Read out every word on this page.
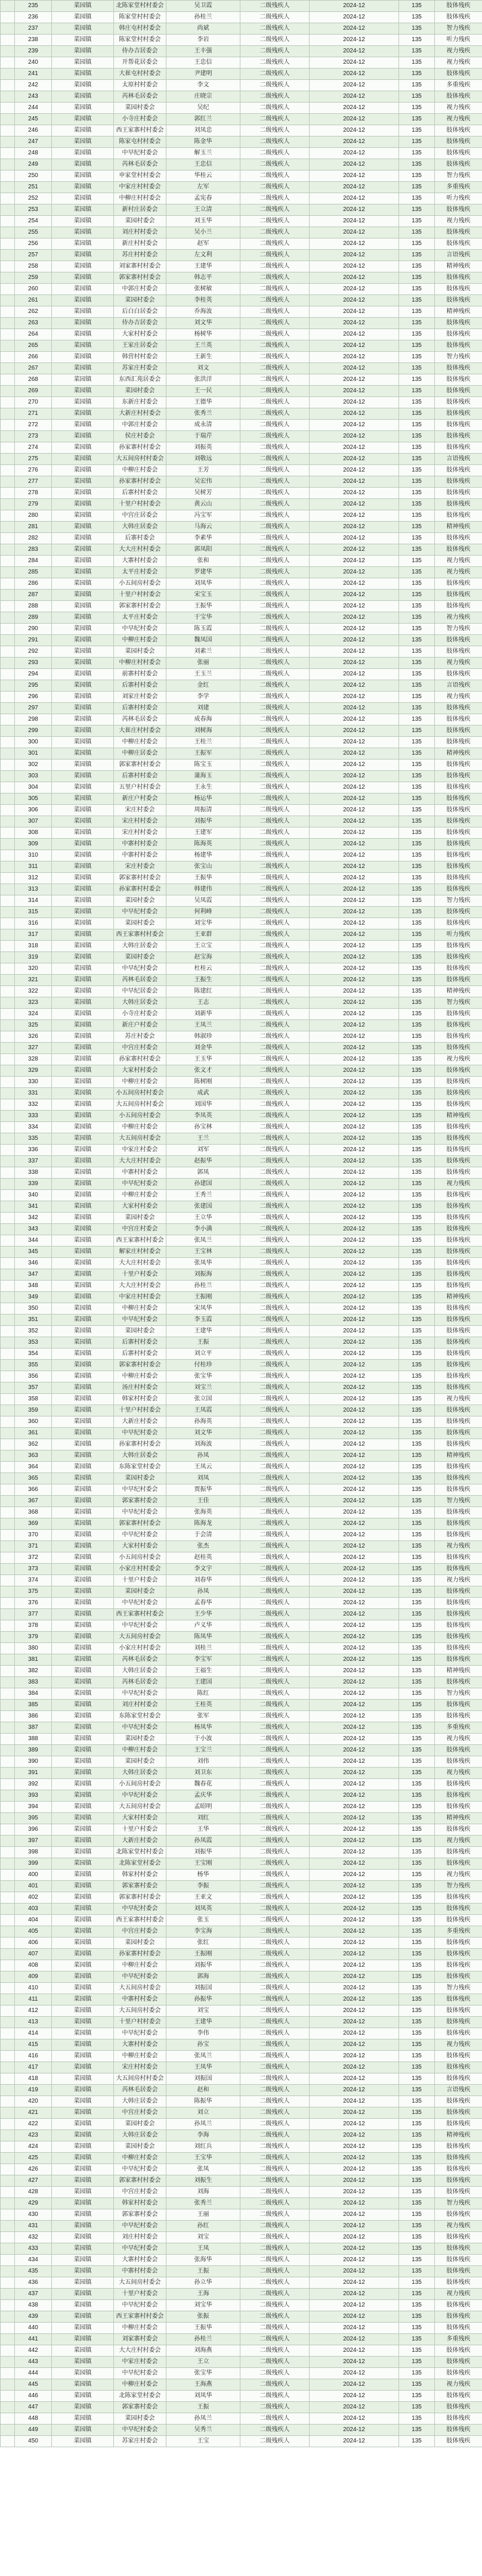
	235	菜园镇	北陈家堂村村委会	吴卫霞	二级残疾人	2024-12	135	肢体残疾
	236	菜园镇	陈家堂村村委会	孙桂兰	二级残疾人	2024-12	135	肢体残疾
	237	菜园镇	韩庄屯村村委会	尚斌	二级残疾人	2024-12	135	智力残疾
	238	菜园镇	陈家堂村村委会	李岩	二级残疾人	2024-12	135	听力残疾
	239	菜园镇	侍办吉居委会	王丰强	二级残疾人	2024-12	135	视力残疾
	240	菜园镇	开帮花居委会	王忠信	二级残疾人	2024-12	135	视力残疾
	241	菜园镇	大崔屯村村委会	尹建明	二级残疾人	2024-12	135	肢体残疾
	242	菜园镇	太原村村委会	李文	二级残疾人	2024-12	135	多重残疾
	243	菜园镇	芮林毛居委会	庄晓宗	二级残疾人	2024-12	135	肢体残疾
	244	菜园镇	菜园村委会	吴纪	二级残疾人	2024-12	135	视力残疾
	245	菜园镇	小寺庄村委会	郭红兰	二级残疾人	2024-12	135	视力残疾
	246	菜园镇	西王家寨村村委会	刘凤忠	二级残疾人	2024-12	135	肢体残疾
	247	菜园镇	陈家屯村村委会	陈金华	二级残疾人	2024-12	135	肢体残疾
	248	菜园镇	中早纪村委会	解玉兰	二级残疾人	2024-12	135	肢体残疾
	249	菜园镇	芮林毛居委会	王忠信	二级残疾人	2024-12	135	肢体残疾
	250	菜园镇	申家堂村村委会	华桂云	二级残疾人	2024-12	135	智力残疾
	251	菜园镇	中家庄村村委会	左军	二级残疾人	2024-12	135	多重残疾
	252	菜园镇	中柳庄村村委会	孟宪春	二级残疾人	2024-12	135	听力残疾
	253	菜园镇	新村庄居委会	王立清	二级残疾人	2024-12	135	肢体残疾
	254	菜园镇	菜园村委会	刘玉华	二级残疾人	2024-12	135	视力残疾
	255	菜园镇	刘庄村村委会	吴小兰	二级残疾人	2024-12	135	肢体残疾
	256	菜园镇	新庄村村委会	赵军	二级残疾人	2024-12	135	肢体残疾
	257	菜园镇	苏庄村村委会	左文利	二级残疾人	2024-12	135	言语残疾
	258	菜园镇	刘家寨村村委会	王建华	二级残疾人	2024-12	135	精神残疾
	259	菜园镇	郭家寨村村委会	韩志平	二级残疾人	2024-12	135	肢体残疾
	260	菜园镇	中郭庄村委会	张树敏	二级残疾人	2024-12	135	肢体残疾
	261	菜园镇	菜园村委会	李桂英	二级残疾人	2024-12	135	肢体残疾
	262	菜园镇	后白白居委会	乔海波	二级残疾人	2024-12	135	精神残疾
	263	菜园镇	侍办吉居委会	刘文华	二级残疾人	2024-12	135	肢体残疾
	264	菜园镇	大家村村委会	杨树华	二级残疾人	2024-12	135	肢体残疾
	265	菜园镇	王家庄居委会	王兰英	二级残疾人	2024-12	135	肢体残疾
	266	菜园镇	韩营村村委会	王新生	二级残疾人	2024-12	135	智力残疾
	267	菜园镇	苏家庄村委会	刘文	二级残疾人	2024-12	135	肢体残疾
	268	菜园镇	东西汇苑居委会	张洪洋	二级残疾人	2024-12	135	肢体残疾
	269	菜园镇	菜园村委会	王一民	二级残疾人	2024-12	135	肢体残疾
	270	菜园镇	东新庄村委会	王德华	二级残疾人	2024-12	135	肢体残疾
	271	菜园镇	大新庄村村委会	张秀兰	二级残疾人	2024-12	135	肢体残疾
	272	菜园镇	中郭庄村委会	成永清	二级残疾人	2024-12	135	肢体残疾
	273	菜园镇	侯庄村委会	于瑞芹	二级残疾人	2024-12	135	肢体残疾
	274	菜园镇	孙家寨村村委会	刘振英	二级残疾人	2024-12	135	肢体残疾
	275	菜园镇	大五间房村村委会	刘敬远	二级残疾人	2024-12	135	言语残疾
	276	菜园镇	中柳庄村委会	王芳	二级残疾人	2024-12	135	肢体残疾
	277	菜园镇	孙家寨村村委会	吴宏伟	二级残疾人	2024-12	135	肢体残疾
	278	菜园镇	后寨村村委会	吴树芳	二级残疾人	2024-12	135	肢体残疾
	279	菜园镇	十里户村村委会	黄云山	二级残疾人	2024-12	135	肢体残疾
	280	菜园镇	中宫庄居委会	冯宝军	二级残疾人	2024-12	135	肢体残疾
	281	菜园镇	大韩庄居委会	马海云	二级残疾人	2024-12	135	精神残疾
	282	菜园镇	后寨村委会	李素华	二级残疾人	2024-12	135	肢体残疾
	283	菜园镇	大大庄村村委会	郭凤阳	二级残疾人	2024-12	135	肢体残疾
	284	菜园镇	大寨村村委会	张和	二级残疾人	2024-12	135	视力残疾
	285	菜园镇	太平庄村委会	罗建华	二级残疾人	2024-12	135	视力残疾
	286	菜园镇	小五间房村委会	刘凤华	二级残疾人	2024-12	135	肢体残疾
	287	菜园镇	十里户村村委会	宋宝玉	二级残疾人	2024-12	135	肢体残疾
	288	菜园镇	郭家寨村村委会	王振华	二级残疾人	2024-12	135	肢体残疾
	289	菜园镇	太平庄村委会	于宝华	二级残疾人	2024-12	135	视力残疾
	290	菜园镇	中早纪村委会	陈玉霞	二级残疾人	2024-12	135	智力残疾
	291	菜园镇	中柳庄村委会	魏凤国	二级残疾人	2024-12	135	肢体残疾
	292	菜园镇	菜园村委会	刘素兰	二级残疾人	2024-12	135	肢体残疾
	293	菜园镇	中柳庄村村委会	张丽	二级残疾人	2024-12	135	视力残疾
	294	菜园镇	前寨村村委会	王玉兰	二级残疾人	2024-12	135	肢体残疾
	295	菜园镇	后寨村村委会	金红	二级残疾人	2024-12	135	言语残疾
	296	菜园镇	刘家庄村委会	李学	二级残疾人	2024-12	135	视力残疾
	297	菜园镇	后寨村村委会	刘建	二级残疾人	2024-12	135	肢体残疾
	298	菜园镇	芮林毛居委会	成春海	二级残疾人	2024-12	135	肢体残疾
	299	菜园镇	大崔庄村村委会	刘树海	二级残疾人	2024-12	135	肢体残疾
	300	菜园镇	中柳庄村委会	王桂兰	二级残疾人	2024-12	135	肢体残疾
	301	菜园镇	中柳庄居委会	王振军	二级残疾人	2024-12	135	精神残疾
	302	菜园镇	郭家寨村村委会	陈宝玉	二级残疾人	2024-12	135	肢体残疾
	303	菜园镇	后寨村村委会	蒲海玉	二级残疾人	2024-12	135	肢体残疾
	304	菜园镇	五里户村村委会	王永生	二级残疾人	2024-12	135	肢体残疾
	305	菜园镇	新庄户村委会	杨运华	二级残疾人	2024-12	135	肢体残疾
	306	菜园镇	宋庄村委会	周振清	二级残疾人	2024-12	135	肢体残疾
	307	菜园镇	宋庄村村委会	刘振华	二级残疾人	2024-12	135	肢体残疾
	308	菜园镇	宋庄村村委会	王建军	二级残疾人	2024-12	135	肢体残疾
	309	菜园镇	中寨村村委会	陈海英	二级残疾人	2024-12	135	肢体残疾
	310	菜园镇	中寨村村委会	杨建华	二级残疾人	2024-12	135	肢体残疾
	311	菜园镇	宋庄村委会	张宝山	二级残疾人	2024-12	135	肢体残疾
	312	菜园镇	郭家寨村村委会	王振华	二级残疾人	2024-12	135	肢体残疾
	313	菜园镇	孙家寨村村委会	韩建伟	二级残疾人	2024-12	135	肢体残疾
	314	菜园镇	菜园村委会	吴凤霞	二级残疾人	2024-12	135	智力残疾
	315	菜园镇	中早纪村委会	何利峰	二级残疾人	2024-12	135	肢体残疾
	316	菜园镇	菜园村委会	刘宝华	二级残疾人	2024-12	135	肢体残疾
	317	菜园镇	西王家寨村村委会	王亚群	二级残疾人	2024-12	135	听力残疾
	318	菜园镇	大韩庄居委会	王立宝	二级残疾人	2024-12	135	肢体残疾
	319	菜园镇	菜园村委会	赵宝海	二级残疾人	2024-12	135	肢体残疾
	320	菜园镇	中早纪村委会	杜桂云	二级残疾人	2024-12	135	肢体残疾
	321	菜园镇	芮林毛居委会	王振生	二级残疾人	2024-12	135	肢体残疾
	322	菜园镇	中早纪居委会	陈建红	二级残疾人	2024-12	135	精神残疾
	323	菜园镇	大韩庄居委会	王志	二级残疾人	2024-12	135	智力残疾
	324	菜园镇	小寺庄村委会	刘新华	二级残疾人	2024-12	135	肢体残疾
	325	菜园镇	新庄户村委会	王凤兰	二级残疾人	2024-12	135	肢体残疾
	326	菜园镇	苏庄村委会	韩淑珍	二级残疾人	2024-12	135	肢体残疾
	327	菜园镇	中宫庄村委会	刘金华	二级残疾人	2024-12	135	肢体残疾
	328	菜园镇	孙家寨村村委会	王玉华	二级残疾人	2024-12	135	视力残疾
	329	菜园镇	大家村村委会	张文才	二级残疾人	2024-12	135	肢体残疾
	330	菜园镇	中柳庄村委会	陈树刚	二级残疾人	2024-12	135	肢体残疾
	331	菜园镇	小五间房村村委会	成武	二级残疾人	2024-12	135	肢体残疾
	332	菜园镇	大五间房村村委会	刘国华	二级残疾人	2024-12	135	肢体残疾
	333	菜园镇	小五间房村委会	李凤英	二级残疾人	2024-12	135	精神残疾
	334	菜园镇	中柳庄村委会	孙宝林	二级残疾人	2024-12	135	肢体残疾
	335	菜园镇	大五间房村委会	王兰	二级残疾人	2024-12	135	肢体残疾
	336	菜园镇	中家庄村委会	刘军	二级残疾人	2024-12	135	肢体残疾
	337	菜园镇	大大庄村村委会	赵振华	二级残疾人	2024-12	135	肢体残疾
	338	菜园镇	中寨村村委会	郭凤	二级残疾人	2024-12	135	肢体残疾
	339	菜园镇	中早纪村委会	孙建国	二级残疾人	2024-12	135	视力残疾
	340	菜园镇	中柳庄村委会	王秀兰	二级残疾人	2024-12	135	肢体残疾
	341	菜园镇	大家村村委会	张建国	二级残疾人	2024-12	135	肢体残疾
	342	菜园镇	菜园村委会	王立华	二级残疾人	2024-12	135	肢体残疾
	343	菜园镇	中宫庄村委会	李小满	二级残疾人	2024-12	135	肢体残疾
	344	菜园镇	西王家寨村村委会	张凤兰	二级残疾人	2024-12	135	肢体残疾
	345	菜园镇	解家庄村村委会	王宝林	二级残疾人	2024-12	135	肢体残疾
	346	菜园镇	大大庄村村委会	张凤华	二级残疾人	2024-12	135	肢体残疾
	347	菜园镇	十里户村委会	刘振海	二级残疾人	2024-12	135	肢体残疾
	348	菜园镇	大大庄村村委会	孙桂兰	二级残疾人	2024-12	135	肢体残疾
	349	菜园镇	中家庄村村委会	王振刚	二级残疾人	2024-12	135	精神残疾
	350	菜园镇	中柳庄村委会	宋凤华	二级残疾人	2024-12	135	肢体残疾
	351	菜园镇	中早纪村委会	李玉霞	二级残疾人	2024-12	135	肢体残疾
	352	菜园镇	菜园村委会	王建华	二级残疾人	2024-12	135	肢体残疾
	353	菜园镇	后寨村村委会	王振	二级残疾人	2024-12	135	肢体残疾
	354	菜园镇	后寨村村委会	刘立平	二级残疾人	2024-12	135	肢体残疾
	355	菜园镇	郭家寨村村委会	付桂珍	二级残疾人	2024-12	135	肢体残疾
	356	菜园镇	中柳庄村委会	张宝华	二级残疾人	2024-12	135	肢体残疾
	357	菜园镇	汤庄村村委会	刘宝兰	二级残疾人	2024-12	135	肢体残疾
	358	菜园镇	韩家村村委会	张立国	二级残疾人	2024-12	135	视力残疾
	359	菜园镇	十里户村村委会	王凤霞	二级残疾人	2024-12	135	肢体残疾
	360	菜园镇	大新庄村委会	孙海英	二级残疾人	2024-12	135	肢体残疾
	361	菜园镇	中早纪村委会	刘文华	二级残疾人	2024-12	135	肢体残疾
	362	菜园镇	孙家寨村村委会	刘海波	二级残疾人	2024-12	135	肢体残疾
	363	菜园镇	大韩庄居委会	孙凤	二级残疾人	2024-12	135	精神残疾
	364	菜园镇	东陈家堂村委会	王凤云	二级残疾人	2024-12	135	肢体残疾
	365	菜园镇	菜园村委会	刘凤	二级残疾人	2024-12	135	肢体残疾
	366	菜园镇	中早纪村委会	贾振华	二级残疾人	2024-12	135	肢体残疾
	367	菜园镇	郭家寨村委会	王佳	二级残疾人	2024-12	135	智力残疾
	368	菜园镇	中早纪村委会	张海英	二级残疾人	2024-12	135	肢体残疾
	369	菜园镇	郭家寨村村委会	陈海龙	二级残疾人	2024-12	135	肢体残疾
	370	菜园镇	中早纪村委会	于会清	二级残疾人	2024-12	135	肢体残疾
	371	菜园镇	大家村村委会	张杰	二级残疾人	2024-12	135	视力残疾
	372	菜园镇	小五间房村委会	赵桂英	二级残疾人	2024-12	135	肢体残疾
	373	菜园镇	小家庄村村委会	李文宇	二级残疾人	2024-12	135	肢体残疾
	374	菜园镇	十里户村委会	刘春华	二级残疾人	2024-12	135	视力残疾
	375	菜园镇	菜园村委会	孙凤	二级残疾人	2024-12	135	肢体残疾
	376	菜园镇	中早纪村委会	孟春华	二级残疾人	2024-12	135	肢体残疾
	377	菜园镇	西王家寨村村委会	王少华	二级残疾人	2024-12	135	肢体残疾
	378	菜园镇	中早纪村委会	卢义华	二级残疾人	2024-12	135	肢体残疾
	379	菜园镇	大五间房村委会	陈凤华	二级残疾人	2024-12	135	肢体残疾
	380	菜园镇	小家庄村村委会	刘桂兰	二级残疾人	2024-12	135	肢体残疾
	381	菜园镇	芮林毛居委会	李宝军	二级残疾人	2024-12	135	肢体残疾
	382	菜园镇	大韩庄居委会	王福生	二级残疾人	2024-12	135	精神残疾
	383	菜园镇	芮林毛居委会	王建国	二级残疾人	2024-12	135	肢体残疾
	384	菜园镇	中早纪村委会	陈红	二级残疾人	2024-12	135	智力残疾
	385	菜园镇	刘庄村村委会	王桂英	二级残疾人	2024-12	135	肢体残疾
	386	菜园镇	东陈家堂村委会	张军	二级残疾人	2024-12	135	肢体残疾
	387	菜园镇	中早纪村委会	杨凤华	二级残疾人	2024-12	135	多重残疾
	388	菜园镇	菜园村委会	于小波	二级残疾人	2024-12	135	视力残疾
	389	菜园镇	中柳庄村委会	王宝兰	二级残疾人	2024-12	135	肢体残疾
	390	菜园镇	菜园村委会	刘伟	二级残疾人	2024-12	135	肢体残疾
	391	菜园镇	大韩庄居委会	刘卫东	二级残疾人	2024-12	135	视力残疾
	392	菜园镇	小五间房村委会	魏春花	二级残疾人	2024-12	135	肢体残疾
	393	菜园镇	中早纪村委会	孟庆华	二级残疾人	2024-12	135	肢体残疾
	394	菜园镇	大五间房村委会	孟昭明	二级残疾人	2024-12	135	肢体残疾
	395	菜园镇	大家村村委会	刘红	二级残疾人	2024-12	135	精神残疾
	396	菜园镇	十里户村委会	王华	二级残疾人	2024-12	135	肢体残疾
	397	菜园镇	大新庄村委会	孙凤霞	二级残疾人	2024-12	135	视力残疾
	398	菜园镇	北陈家堂村村委会	刘振华	二级残疾人	2024-12	135	肢体残疾
	399	菜园镇	北陈家堂村委会	王宝刚	二级残疾人	2024-12	135	肢体残疾
	400	菜园镇	韩家村村委会	杨华	二级残疾人	2024-12	135	视力残疾
	401	菜园镇	郭家寨村委会	李振	二级残疾人	2024-12	135	智力残疾
	402	菜园镇	郭家寨村村委会	王亚文	二级残疾人	2024-12	135	肢体残疾
	403	菜园镇	中早纪村委会	刘凤英	二级残疾人	2024-12	135	肢体残疾
	404	菜园镇	西王家寨村村委会	张玉	二级残疾人	2024-12	135	肢体残疾
	405	菜园镇	中宫庄村委会	李宝海	二级残疾人	2024-12	135	多重残疾
	406	菜园镇	菜园村委会	张红	二级残疾人	2024-12	135	肢体残疾
	407	菜园镇	孙家寨村村委会	王振刚	二级残疾人	2024-12	135	肢体残疾
	408	菜园镇	中柳庄村委会	刘振华	二级残疾人	2024-12	135	肢体残疾
	409	菜园镇	中早纪村委会	郭海	二级残疾人	2024-12	135	肢体残疾
	410	菜园镇	大五间房村委会	刘振国	二级残疾人	2024-12	135	智力残疾
	411	菜园镇	中寨村村委会	孙振华	二级残疾人	2024-12	135	肢体残疾
	412	菜园镇	大五间房村委会	刘宝	二级残疾人	2024-12	135	肢体残疾
	413	菜园镇	十里户村村委会	王建华	二级残疾人	2024-12	135	肢体残疾
	414	菜园镇	中早纪村委会	李伟	二级残疾人	2024-12	135	肢体残疾
	415	菜园镇	大寨村村委会	孙宝	二级残疾人	2024-12	135	视力残疾
	416	菜园镇	中柳庄村委会	张凤兰	二级残疾人	2024-12	135	肢体残疾
	417	菜园镇	宋庄村村委会	王凤华	二级残疾人	2024-12	135	肢体残疾
	418	菜园镇	大五间房村村委会	刘振国	二级残疾人	2024-12	135	肢体残疾
	419	菜园镇	芮林毛居委会	赵和	二级残疾人	2024-12	135	言语残疾
	420	菜园镇	大韩庄居委会	陈振华	二级残疾人	2024-12	135	肢体残疾
	421	菜园镇	中宫庄村委会	刘立	二级残疾人	2024-12	135	肢体残疾
	422	菜园镇	菜园村委会	孙凤兰	二级残疾人	2024-12	135	肢体残疾
	423	菜园镇	大韩庄居委会	李海	二级残疾人	2024-12	135	精神残疾
	424	菜园镇	菜园村委会	刘红兵	二级残疾人	2024-12	135	肢体残疾
	425	菜园镇	中柳庄村委会	王宝华	二级残疾人	2024-12	135	肢体残疾
	426	菜园镇	中早纪村委会	张凤	二级残疾人	2024-12	135	肢体残疾
	427	菜园镇	郭家寨村村委会	刘振生	二级残疾人	2024-12	135	肢体残疾
	428	菜园镇	中宫庄村委会	刘海	二级残疾人	2024-12	135	肢体残疾
	429	菜园镇	韩家村村委会	张秀兰	二级残疾人	2024-12	135	智力残疾
	430	菜园镇	郭家寨村委会	王丽	二级残疾人	2024-12	135	肢体残疾
	431	菜园镇	中早纪村委会	孙红	二级残疾人	2024-12	135	视力残疾
	432	菜园镇	刘庄村村委会	刘宝	二级残疾人	2024-12	135	肢体残疾
	433	菜园镇	中早纪村委会	王凤	二级残疾人	2024-12	135	肢体残疾
	434	菜园镇	大寨村村委会	张海华	二级残疾人	2024-12	135	肢体残疾
	435	菜园镇	中寨村村委会	王振	二级残疾人	2024-12	135	肢体残疾
	436	菜园镇	大五间房村委会	孙立华	二级残疾人	2024-12	135	肢体残疾
	437	菜园镇	十里户村委会	王海	二级残疾人	2024-12	135	视力残疾
	438	菜园镇	中早纪村委会	刘宝华	二级残疾人	2024-12	135	肢体残疾
	439	菜园镇	西王家寨村村委会	张振	二级残疾人	2024-12	135	肢体残疾
	440	菜园镇	中柳庄村委会	王振华	二级残疾人	2024-12	135	肢体残疾
	441	菜园镇	刘家寨村委会	孙桂兰	二级残疾人	2024-12	135	多重残疾
	442	菜园镇	大大庄村村委会	刘海燕	二级残疾人	2024-12	135	肢体残疾
	443	菜园镇	中家庄村委会	王立	二级残疾人	2024-12	135	肢体残疾
	444	菜园镇	中早纪村委会	张宝华	二级残疾人	2024-12	135	肢体残疾
	445	菜园镇	中柳庄村委会	王海燕	二级残疾人	2024-12	135	视力残疾
	446	菜园镇	北陈家堂村委会	刘凤华	二级残疾人	2024-12	135	肢体残疾
	447	菜园镇	郭家寨村委会	王振	二级残疾人	2024-12	135	肢体残疾
	448	菜园镇	菜园村委会	孙凤兰	二级残疾人	2024-12	135	肢体残疾
	449	菜园镇	中早纪村委会	吴秀兰	二级残疾人	2024-12	135	肢体残疾
	450	菜园镇	苏家庄村委会	王宝	二级残疾人	2024-12	135	肢体残疾
